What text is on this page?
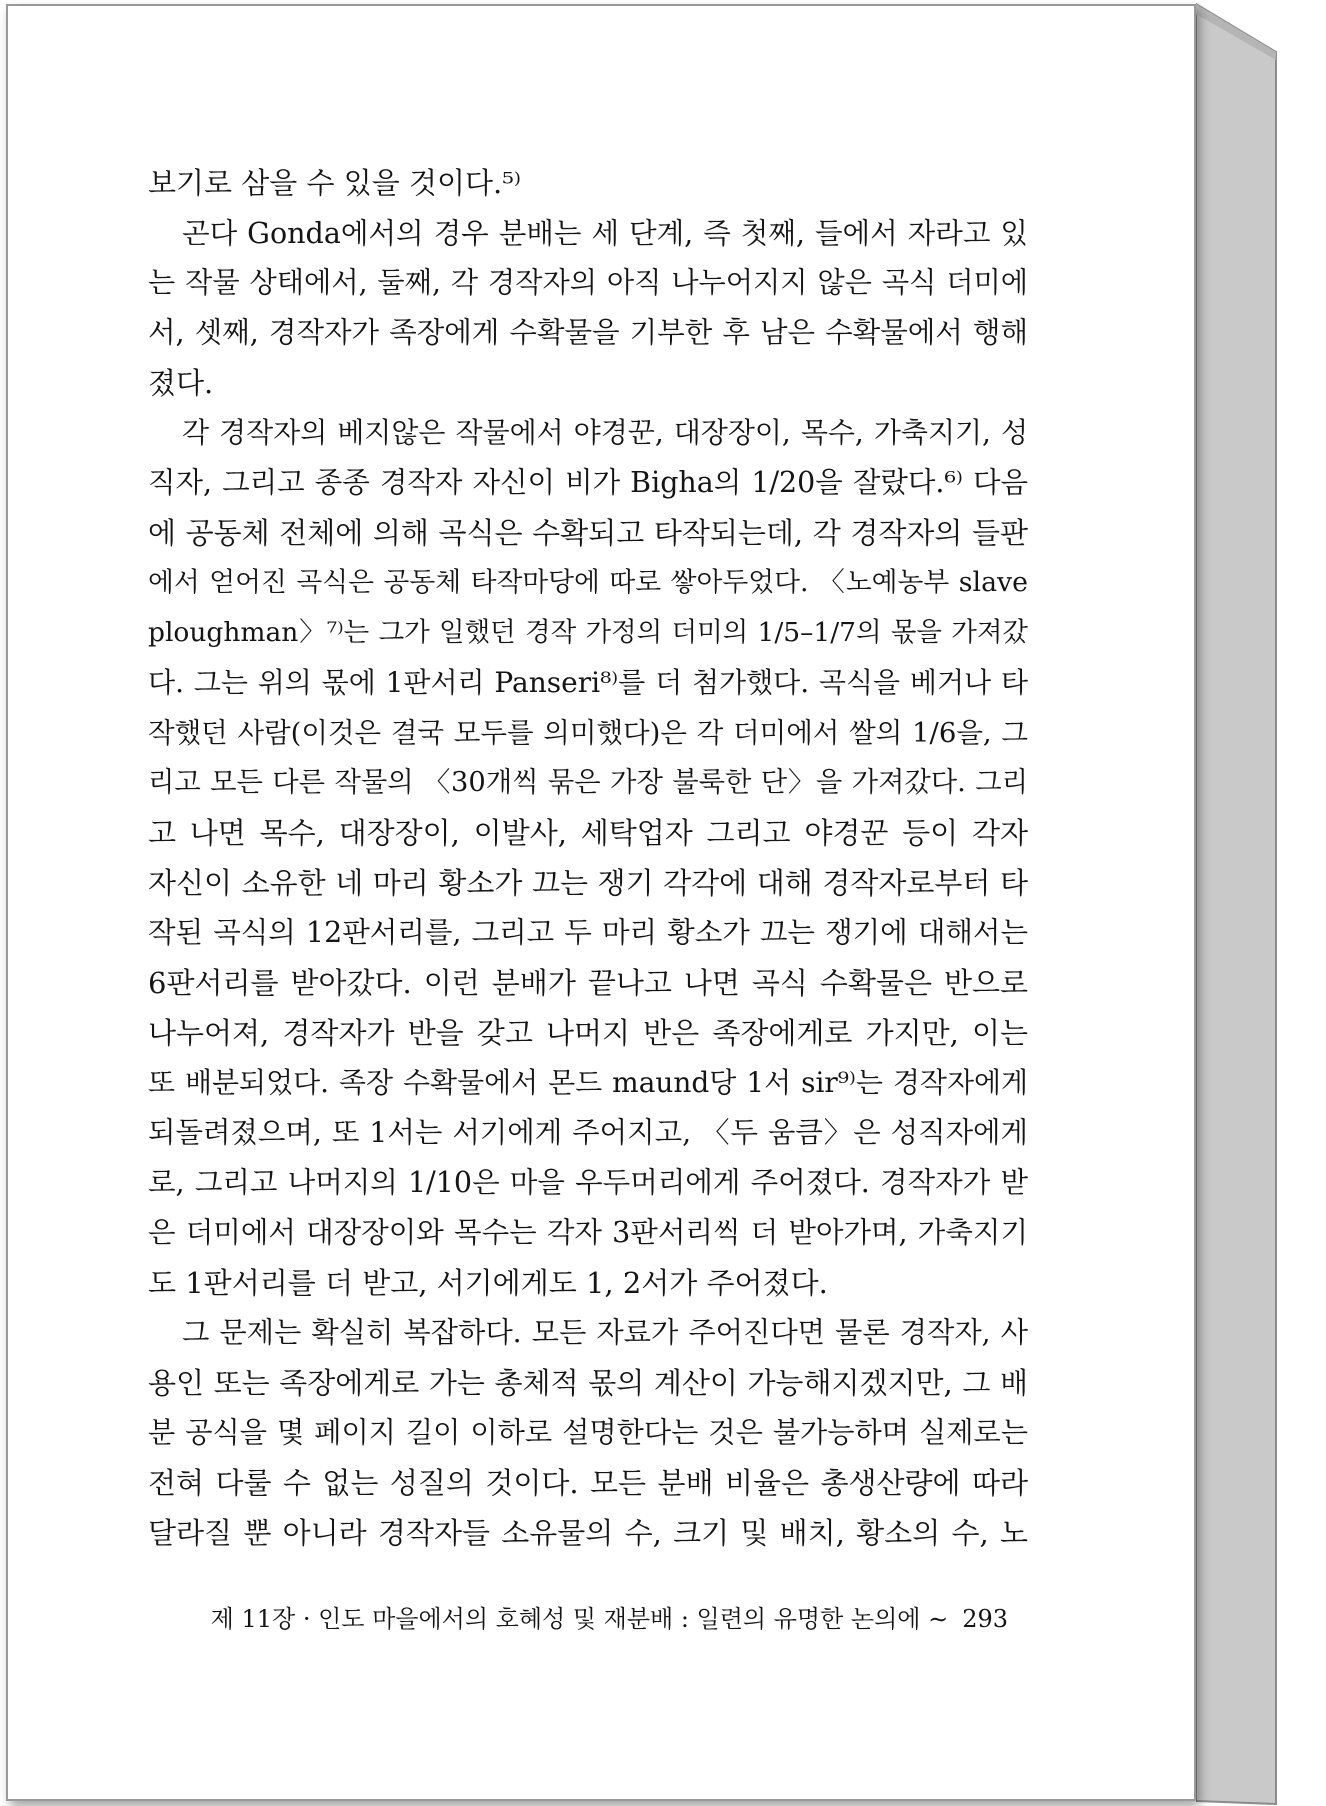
보기로 삼을 수 있을 것이다.⁵⁾
곤다 Gonda에서의 경우 분배는 세 단계, 즉 첫째, 들에서 자라고 있
는 작물 상태에서, 둘째, 각 경작자의 아직 나누어지지 않은 곡식 더미에
서, 셋째, 경작자가 족장에게 수확물을 기부한 후 남은 수확물에서 행해
졌다.
각 경작자의 베지않은 작물에서 야경꾼, 대장장이, 목수, 가축지기, 성
직자, 그리고 종종 경작자 자신이 비가 Bigha의 1/20을 잘랐다.⁶⁾ 다음
에 공동체 전체에 의해 곡식은 수확되고 타작되는데, 각 경작자의 들판
에서 얻어진 곡식은 공동체 타작마당에 따로 쌓아두었다. 〈노예농부 slave
ploughman〉⁷⁾는 그가 일했던 경작 가정의 더미의 1/5–1/7의 몫을 가져갔
다. 그는 위의 몫에 1판서리 Panseri⁸⁾를 더 첨가했다. 곡식을 베거나 타
작했던 사람(이것은 결국 모두를 의미했다)은 각 더미에서 쌀의 1/6을, 그
리고 모든 다른 작물의 〈30개씩 묶은 가장 불룩한 단〉을 가져갔다. 그리
고 나면 목수, 대장장이, 이발사, 세탁업자 그리고 야경꾼 등이 각자
자신이 소유한 네 마리 황소가 끄는 쟁기 각각에 대해 경작자로부터 타
작된 곡식의 12판서리를, 그리고 두 마리 황소가 끄는 쟁기에 대해서는
6판서리를 받아갔다. 이런 분배가 끝나고 나면 곡식 수확물은 반으로
나누어져, 경작자가 반을 갖고 나머지 반은 족장에게로 가지만, 이는
또 배분되었다. 족장 수확물에서 몬드 maund당 1서 sir⁹⁾는 경작자에게
되돌려졌으며, 또 1서는 서기에게 주어지고, 〈두 움큼〉은 성직자에게
로, 그리고 나머지의 1/10은 마을 우두머리에게 주어졌다. 경작자가 받
은 더미에서 대장장이와 목수는 각자 3판서리씩 더 받아가며, 가축지기
도 1판서리를 더 받고, 서기에게도 1, 2서가 주어졌다.
그 문제는 확실히 복잡하다. 모든 자료가 주어진다면 물론 경작자, 사
용인 또는 족장에게로 가는 총체적 몫의 계산이 가능해지겠지만, 그 배
분 공식을 몇 페이지 길이 이하로 설명한다는 것은 불가능하며 실제로는
전혀 다룰 수 없는 성질의 것이다. 모든 분배 비율은 총생산량에 따라
달라질 뿐 아니라 경작자들 소유물의 수, 크기 및 배치, 황소의 수, 노
제 11장 · 인도 마을에서의 호혜성 및 재분배 : 일련의 유명한 논의에 ∼ 293
